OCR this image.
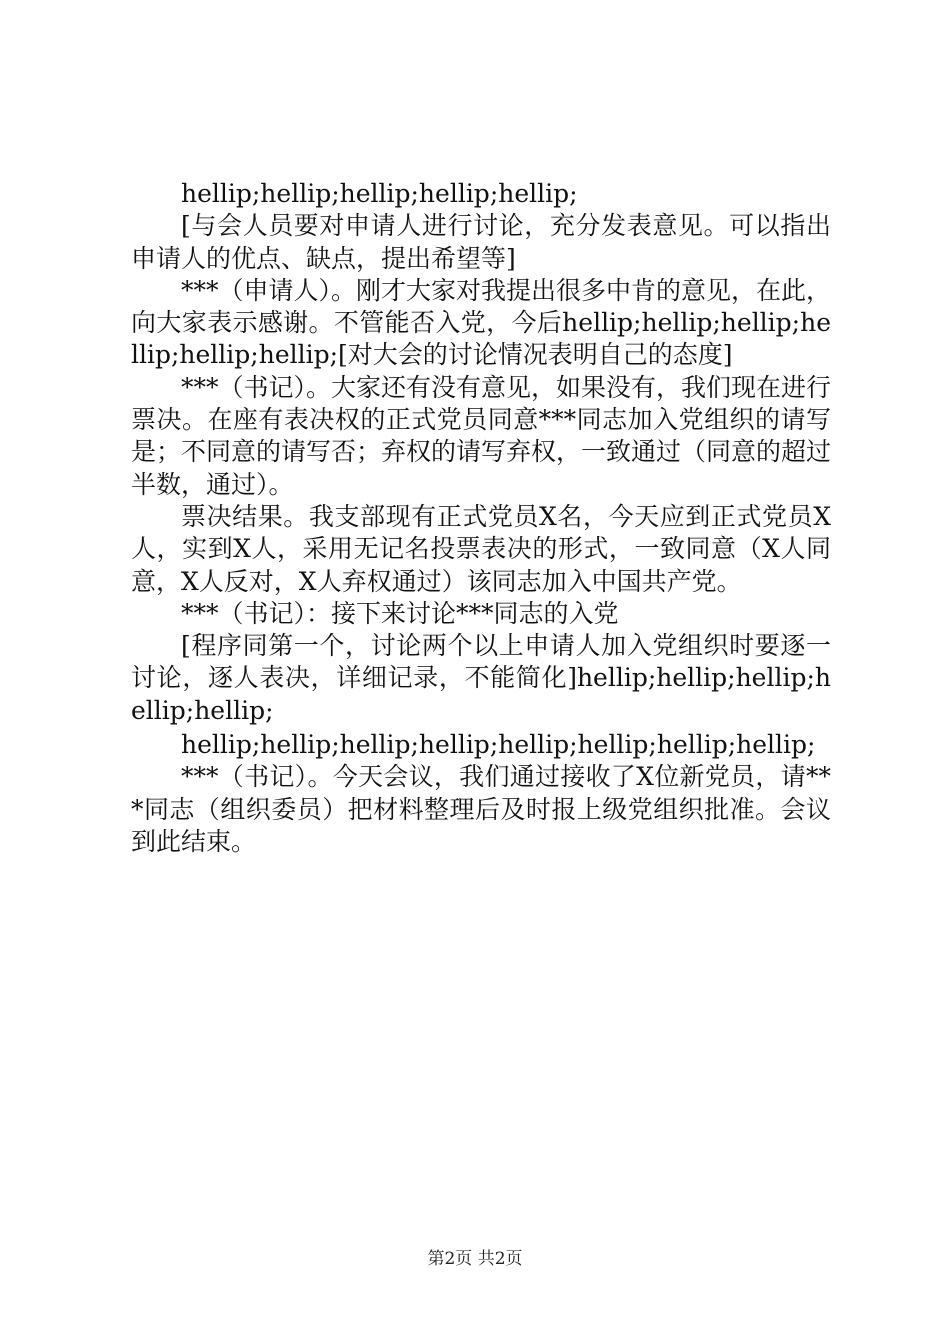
hellip;hellip;hellip;hellip;hellip;

[与会人员要对申请人进行讨论，充分发表意见。可以指出申请人的优点、缺点，提出希望等]

***（申请人）。刚才大家对我提出很多中肯的意见，在此，向大家表示感谢。不管能否入党，今后hellip;hellip;hellip;hellip;hellip;hellip;[对大会的讨论情况表明自己的态度]

***（书记）。大家还有没有意见，如果没有，我们现在进行票决。在座有表决权的正式党员同意***同志加入党组织的请写是；不同意的请写否；弃权的请写弃权，一致通过（同意的超过半数，通过）。

票决结果。我支部现有正式党员X名，今天应到正式党员X人，实到X人，采用无记名投票表决的形式，一致同意（X人同意，X人反对，X人弃权通过）该同志加入中国共产党。

***（书记）：接下来讨论***同志的入党

[程序同第一个，讨论两个以上申请人加入党组织时要逐一讨论，逐人表决，详细记录，不能简化]hellip;hellip;hellip;hellip;hellip;

hellip;hellip;hellip;hellip;hellip;hellip;hellip;hellip;

***（书记）。今天会议，我们通过接收了X位新党员，请***同志（组织委员）把材料整理后及时报上级党组织批准。会议到此结束。

第2页 共2页
